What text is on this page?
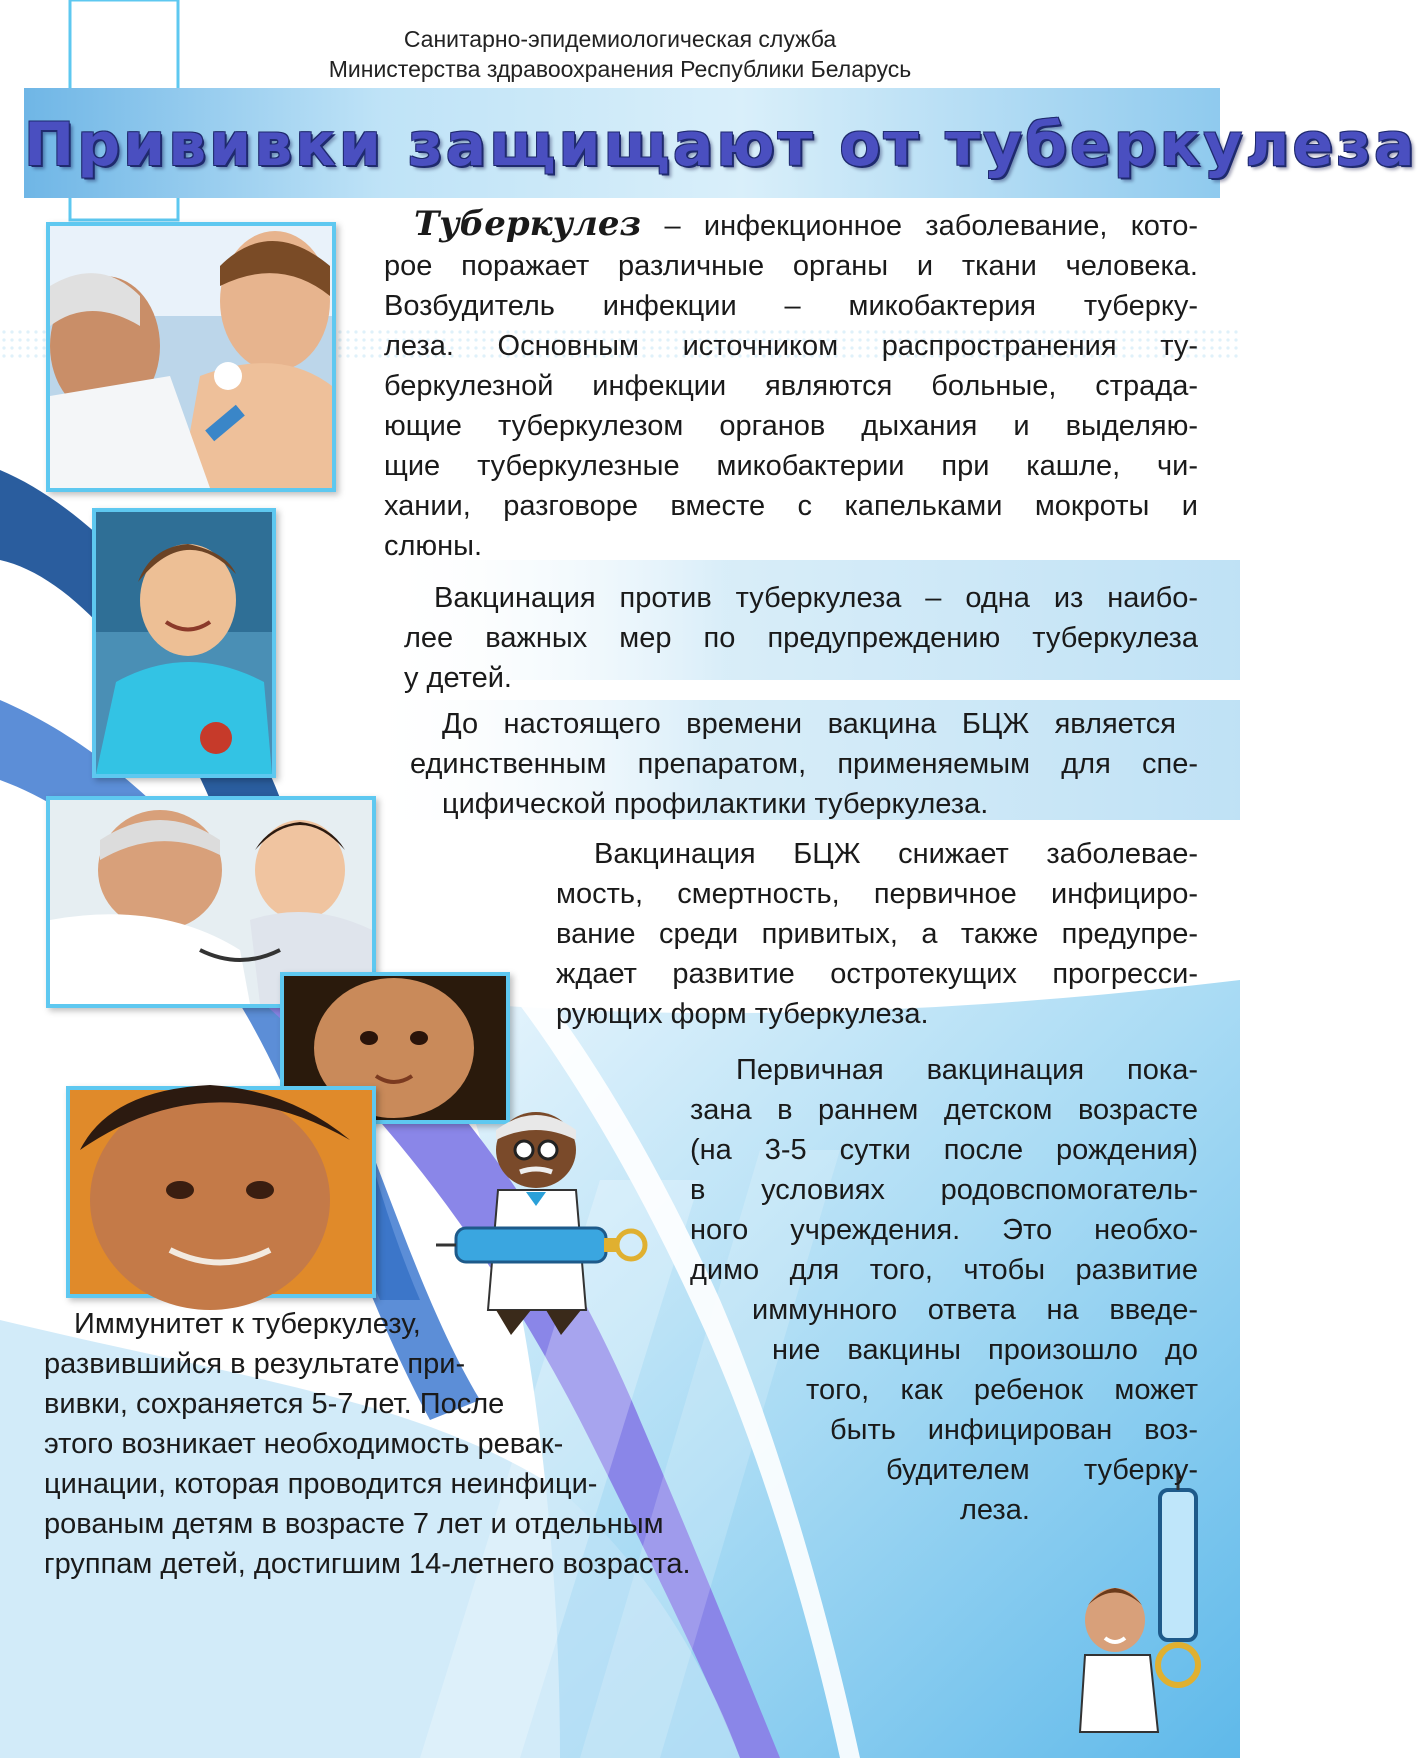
Санитарно-эпидемиологическая служба
Министерства здравоохранения Республики Беларусь
Прививки защищают от туберкулеза
Туберкулез – инфекционное заболевание, кото-
рое поражает различные органы и ткани человека.
Возбудитель инфекции – микобактерия туберку-
леза. Основным источником распространения ту-
беркулезной инфекции являются больные, страда-
ющие туберкулезом органов дыхания и выделяю-
щие туберкулезные микобактерии при кашле, чи-
хании, разговоре вместе с капельками мокроты и
слюны.
Вакцинация против туберкулеза – одна из наибо-
лее важных мер по предупреждению туберкулеза
у детей.
До настоящего времени вакцина БЦЖ является
единственным препаратом, применяемым для спе-
цифической профилактики туберкулеза.
Вакцинация БЦЖ снижает заболевае-
мость, смертность, первичное инфициро-
вание среди привитых, а также предупре-
ждает развитие остротекущих прогресси-
рующих форм туберкулеза.
Первичная вакцинация пока-
зана в раннем детском возрасте
(на 3-5 сутки после рождения)
в условиях родовспомогатель-
ного учреждения. Это необхо-
димо для того, чтобы развитие
иммунного ответа на введе-
ние вакцины произошло до
того, как ребенок может
быть инфицирован воз-
будителем туберку-
леза.
Иммунитет к туберкулезу,
развившийся в результате при-
вивки, сохраняется 5-7 лет. После
этого возникает необходимость ревак-
цинации, которая проводится неинфици-
рованым детям в возрасте 7 лет и отдельным
группам детей, достигшим 14-летнего возраста.
